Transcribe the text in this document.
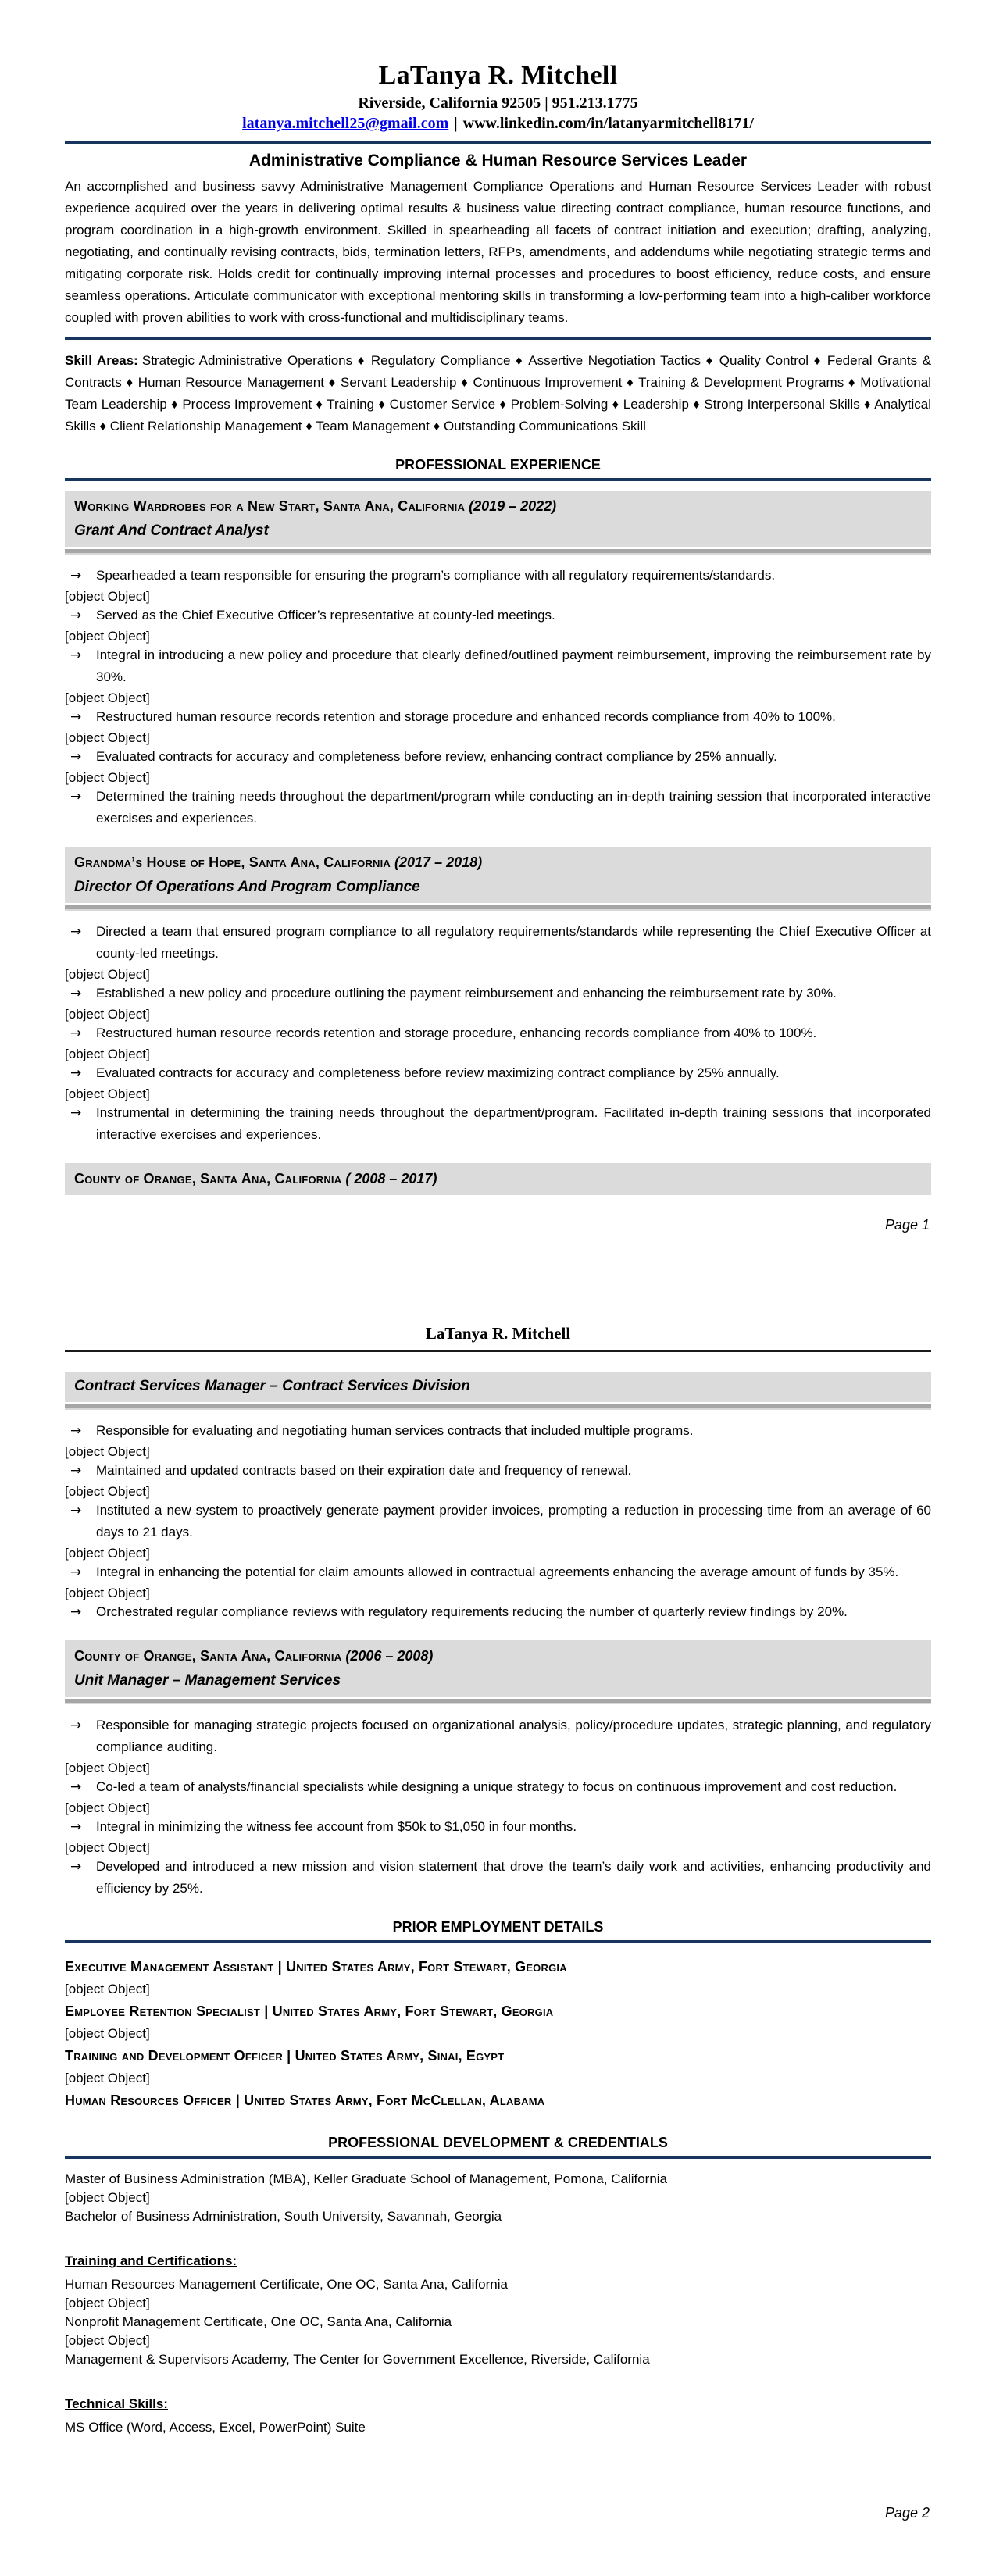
LaTanya R. Mitchell
Riverside, California 92505 | 951.213.1775
latanya.mitchell25@gmail.com | www.linkedin.com/in/latanyarmitchell8171/
Administrative Compliance & Human Resource Services Leader

An accomplished and business savvy Administrative Management Compliance Operations and Human Resource Services Leader with robust experience acquired over the years in delivering optimal results & business value directing contract compliance, human resource functions, and program coordination in a high-growth environment. Skilled in spearheading all facets of contract initiation and execution; drafting, analyzing, negotiating, and continually revising contracts, bids, termination letters, RFPs, amendments, and addendums while negotiating strategic terms and mitigating corporate risk. Holds credit for continually improving internal processes and procedures to boost efficiency, reduce costs, and ensure seamless operations. Articulate communicator with exceptional mentoring skills in transforming a low-performing team into a high-caliber workforce coupled with proven abilities to work with cross-functional and multidisciplinary teams.

Skill Areas: Strategic Administrative Operations ♦ Regulatory Compliance ♦ Assertive Negotiation Tactics ♦ Quality Control ♦ Federal Grants & Contracts ♦ Human Resource Management ♦ Servant Leadership ♦ Continuous Improvement ♦ Training & Development Programs ♦ Motivational Team Leadership ♦ Process Improvement ♦ Training ♦ Customer Service ♦ Problem-Solving ♦ Leadership ♦ Strong Interpersonal Skills ♦ Analytical Skills ♦ Client Relationship Management ♦ Team Management ♦ Outstanding Communications Skill

PROFESSIONAL EXPERIENCE
Working Wardrobes for a New Start, Santa Ana, California (2019 – 2022)
Grant And Contract Analyst
→	Spearheaded a team responsible for ensuring the program’s compliance with all regulatory requirements/standards.
[object Object]
→	Served as the Chief Executive Officer’s representative at county-led meetings.
[object Object]
→	Integral in introducing a new policy and procedure that clearly defined/outlined payment reimbursement, improving the reimbursement rate by 30%.
[object Object]
→	Restructured human resource records retention and storage procedure and enhanced records compliance from 40% to 100%.
[object Object]
→	Evaluated contracts for accuracy and completeness before review, enhancing contract compliance by 25% annually.
[object Object]
→	Determined the training needs throughout the department/program while conducting an in-depth training session that incorporated interactive exercises and experiences.
Grandma’s House of Hope, Santa Ana, California (2017 – 2018)
Director Of Operations And Program Compliance
→	Directed a team that ensured program compliance to all regulatory requirements/standards while representing the Chief Executive Officer at county-led meetings.
[object Object]
→	Established a new policy and procedure outlining the payment reimbursement and enhancing the reimbursement rate by 30%.
[object Object]
→	Restructured human resource records retention and storage procedure, enhancing records compliance from 40% to 100%.
[object Object]
→	Evaluated contracts for accuracy and completeness before review maximizing contract compliance by 25% annually.
[object Object]
→	Instrumental in determining the training needs throughout the department/program. Facilitated in-depth training sessions that incorporated interactive exercises and experiences.
County of Orange, Santa Ana, California ( 2008 – 2017)
Page 1
LaTanya R. Mitchell
Contract Services Manager – Contract Services Division
→	Responsible for evaluating and negotiating human services contracts that included multiple programs.
[object Object]
→	Maintained and updated contracts based on their expiration date and frequency of renewal.
[object Object]
→	Instituted a new system to proactively generate payment provider invoices, prompting a reduction in processing time from an average of 60 days to 21 days.
[object Object]
→	Integral in enhancing the potential for claim amounts allowed in contractual agreements enhancing the average amount of funds by 35%.
[object Object]
→	Orchestrated regular compliance reviews with regulatory requirements reducing the number of quarterly review findings by 20%.
County of Orange, Santa Ana, California (2006 – 2008)
Unit Manager – Management Services
→	Responsible for managing strategic projects focused on organizational analysis, policy/procedure updates, strategic planning, and regulatory compliance auditing.
[object Object]
→	Co-led a team of analysts/financial specialists while designing a unique strategy to focus on continuous improvement and cost reduction.
[object Object]
→	Integral in minimizing the witness fee account from $50k to $1,050 in four months.
[object Object]
→	Developed and introduced a new mission and vision statement that drove the team’s daily work and activities, enhancing productivity and efficiency by 25%.
PRIOR EMPLOYMENT DETAILS
Executive Management Assistant | United States Army, Fort Stewart, Georgia
[object Object]
Employee Retention Specialist | United States Army, Fort Stewart, Georgia
[object Object]
Training and Development Officer | United States Army, Sinai, Egypt
[object Object]
Human Resources Officer | United States Army, Fort McClellan, Alabama
PROFESSIONAL DEVELOPMENT & CREDENTIALS
Master of Business Administration (MBA), Keller Graduate School of Management, Pomona, California
[object Object]
Bachelor of Business Administration, South University, Savannah, Georgia
Training and Certifications:
Human Resources Management Certificate, One OC, Santa Ana, California
[object Object]
Nonprofit Management Certificate, One OC, Santa Ana, California
[object Object]
Management & Supervisors Academy, The Center for Government Excellence, Riverside, California
Technical Skills:
MS Office (Word, Access, Excel, PowerPoint) Suite
Page 2
